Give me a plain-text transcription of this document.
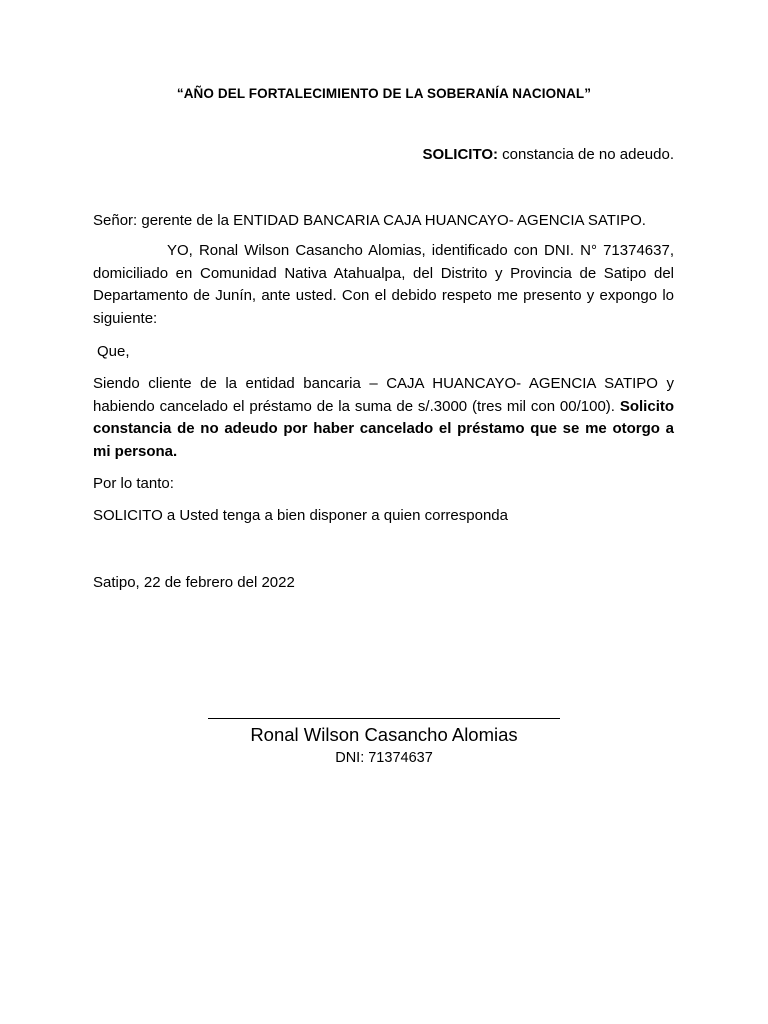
“AÑO DEL FORTALECIMIENTO DE LA SOBERANÍA NACIONAL”
SOLICITO: constancia de no adeudo.
Señor: gerente de la ENTIDAD BANCARIA CAJA HUANCAYO- AGENCIA SATIPO.
YO, Ronal Wilson Casancho Alomias, identificado con DNI. N° 71374637, domiciliado en Comunidad Nativa Atahualpa, del Distrito y Provincia de Satipo del Departamento de Junín, ante usted. Con el debido respeto me presento y expongo lo siguiente:
Que,
Siendo cliente de la entidad bancaria – CAJA HUANCAYO- AGENCIA SATIPO y habiendo cancelado el préstamo de la suma de s/.3000 (tres mil con 00/100). Solicito constancia de no adeudo por haber cancelado el préstamo que se me otorgo a mi persona.
Por lo tanto:
SOLICITO a Usted tenga a bien disponer a quien corresponda
Satipo, 22 de febrero del 2022
Ronal Wilson Casancho Alomias
DNI: 71374637
